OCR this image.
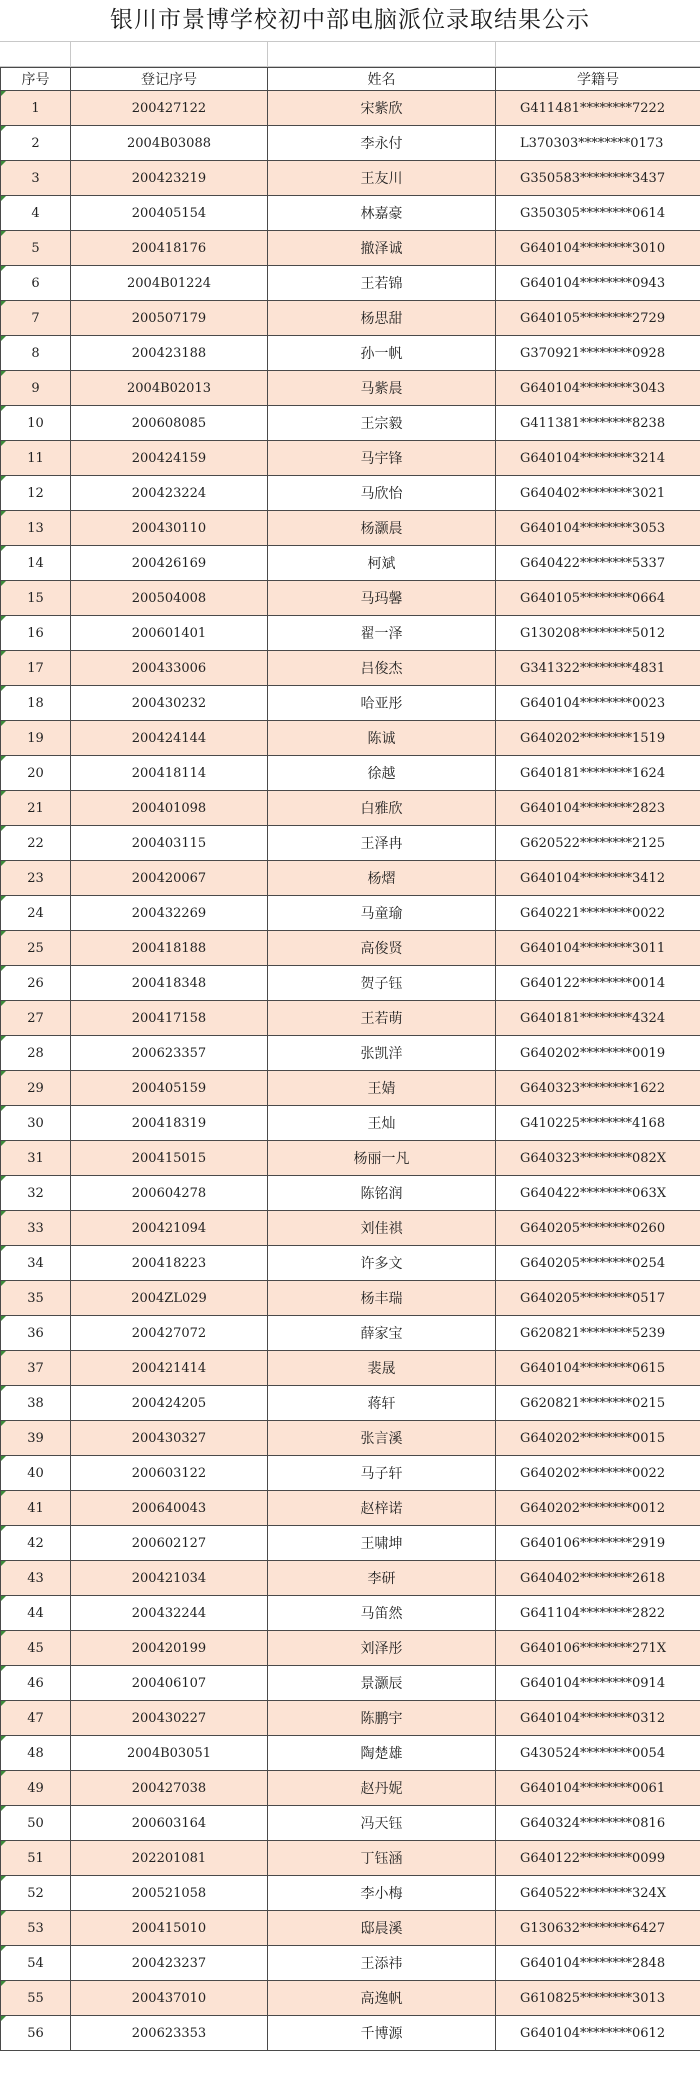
银川市景博学校初中部电脑派位录取结果公示
序号	登记序号	姓名	学籍号
1	200427122	宋紫欣	G411481********7222
2	2004B03088	李永付	L370303********0173
3	200423219	王友川	G350583********3437
4	200405154	林嘉豪	G350305********0614
5	200418176	撤泽诚	G640104********3010
6	2004B01224	王若锦	G640104********0943
7	200507179	杨思甜	G640105********2729
8	200423188	孙一帆	G370921********0928
9	2004B02013	马紫晨	G640104********3043
10	200608085	王宗毅	G411381********8238
11	200424159	马宇锋	G640104********3214
12	200423224	马欣怡	G640402********3021
13	200430110	杨灏晨	G640104********3053
14	200426169	柯斌	G640422********5337
15	200504008	马玛馨	G640105********0664
16	200601401	翟一泽	G130208********5012
17	200433006	吕俊杰	G341322********4831
18	200430232	哈亚彤	G640104********0023
19	200424144	陈诚	G640202********1519
20	200418114	徐越	G640181********1624
21	200401098	白雅欣	G640104********2823
22	200403115	王泽冉	G620522********2125
23	200420067	杨熠	G640104********3412
24	200432269	马童瑜	G640221********0022
25	200418188	高俊贤	G640104********3011
26	200418348	贺子钰	G640122********0014
27	200417158	王若萌	G640181********4324
28	200623357	张凯洋	G640202********0019
29	200405159	王婧	G640323********1622
30	200418319	王灿	G410225********4168
31	200415015	杨丽一凡	G640323********082X
32	200604278	陈铭润	G640422********063X
33	200421094	刘佳祺	G640205********0260
34	200418223	许多文	G640205********0254
35	2004ZL029	杨丰瑞	G640205********0517
36	200427072	薛家宝	G620821********5239
37	200421414	裴晟	G640104********0615
38	200424205	蒋轩	G620821********0215
39	200430327	张言溪	G640202********0015
40	200603122	马子轩	G640202********0022
41	200640043	赵梓诺	G640202********0012
42	200602127	王啸坤	G640106********2919
43	200421034	李研	G640402********2618
44	200432244	马笛然	G641104********2822
45	200420199	刘泽彤	G640106********271X
46	200406107	景灏辰	G640104********0914
47	200430227	陈鹏宇	G640104********0312
48	2004B03051	陶楚雄	G430524********0054
49	200427038	赵丹妮	G640104********0061
50	200603164	冯天钰	G640324********0816
51	202201081	丁钰涵	G640122********0099
52	200521058	李小梅	G640522********324X
53	200415010	邸晨溪	G130632********6427
54	200423237	王添祎	G640104********2848
55	200437010	高逸帆	G610825********3013
56	200623353	千博源	G640104********0612
